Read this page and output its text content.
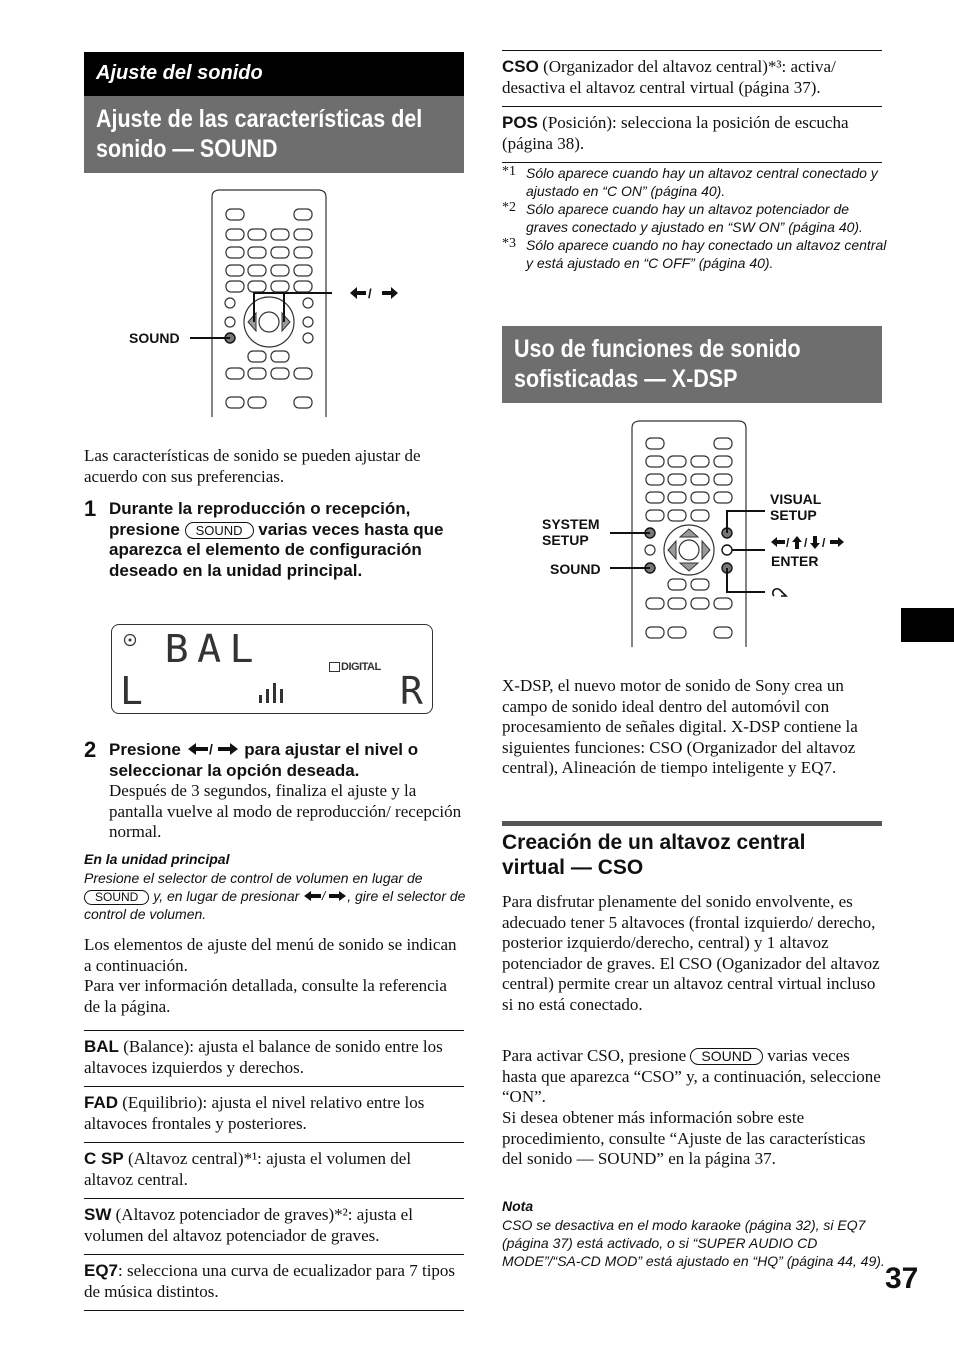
Ajuste del sonido
Ajuste de las características del sonido — SOUND
/
SOUND
Las características de sonido se pueden ajustar de acuerdo con sus preferencias.
1 Durante la reproducción o recepción, presione SOUND varias veces hasta que aparezca el elemento de configuración deseado en la unidad principal.
BAL	DIGITAL
L	R
2 Presione / para ajustar el nivel o seleccionar la opción deseada.
Después de 3 segundos, finaliza el ajuste y la pantalla vuelve al modo de reproducción/ recepción normal.
En la unidad principal
Presione el selector de control de volumen en lugar de SOUND y, en lugar de presionar / , gire el selector de control de volumen.
Los elementos de ajuste del menú de sonido se indican a continuación.
Para ver información detallada, consulte la referencia de la página.
BAL (Balance): ajusta el balance de sonido entre los altavoces izquierdos y derechos.
FAD (Equilibrio): ajusta el nivel relativo entre los altavoces frontales y posteriores.
C SP (Altavoz central)*¹: ajusta el volumen del altavoz central.
SW (Altavoz potenciador de graves)*²: ajusta el volumen del altavoz potenciador de graves.
EQ7: selecciona una curva de ecualizador para 7 tipos de música distintos.
CSO (Organizador del altavoz central)*³: activa/ desactiva el altavoz central virtual (página 37).
POS (Posición): selecciona la posición de escucha (página 38).
*1 Sólo aparece cuando hay un altavoz central conectado y ajustado en “C ON” (página 40).
*2 Sólo aparece cuando hay un altavoz potenciador de graves conectado y ajustado en “SW ON” (página 40).
*3 Sólo aparece cuando no hay conectado un altavoz central y está ajustado en “C OFF” (página 40).
Uso de funciones de sonido sofisticadas — X-DSP
/ / /
SYSTEM
SETUP
SOUND
VISUAL
SETUP
ENTER
X-DSP, el nuevo motor de sonido de Sony crea un campo de sonido ideal dentro del automóvil con procesamiento de señales digital. X-DSP contiene la siguientes funciones: CSO (Organizador del altavoz central), Alineación de tiempo inteligente y EQ7.
Creación de un altavoz central
virtual — CSO
Para disfrutar plenamente del sonido envolvente, es adecuado tener 5 altavoces (frontal izquierdo/ derecho, posterior izquierdo/derecho, central) y 1 altavoz potenciador de graves. El CSO (Oganizador del altavoz central) permite crear un altavoz central virtual incluso si no está conectado.
Para activar CSO, presione SOUND varias veces hasta que aparezca “CSO” y, a continuación, seleccione “ON”.
Si desea obtener más información sobre este procedimiento, consulte “Ajuste de las características del sonido — SOUND” en la página 37.
Nota
CSO se desactiva en el modo karaoke (página 32), si EQ7 (página 37) está activado, o si “SUPER AUDIO CD MODE”/“SA-CD MOD” está ajustado en “HQ” (página 44, 49).
37
